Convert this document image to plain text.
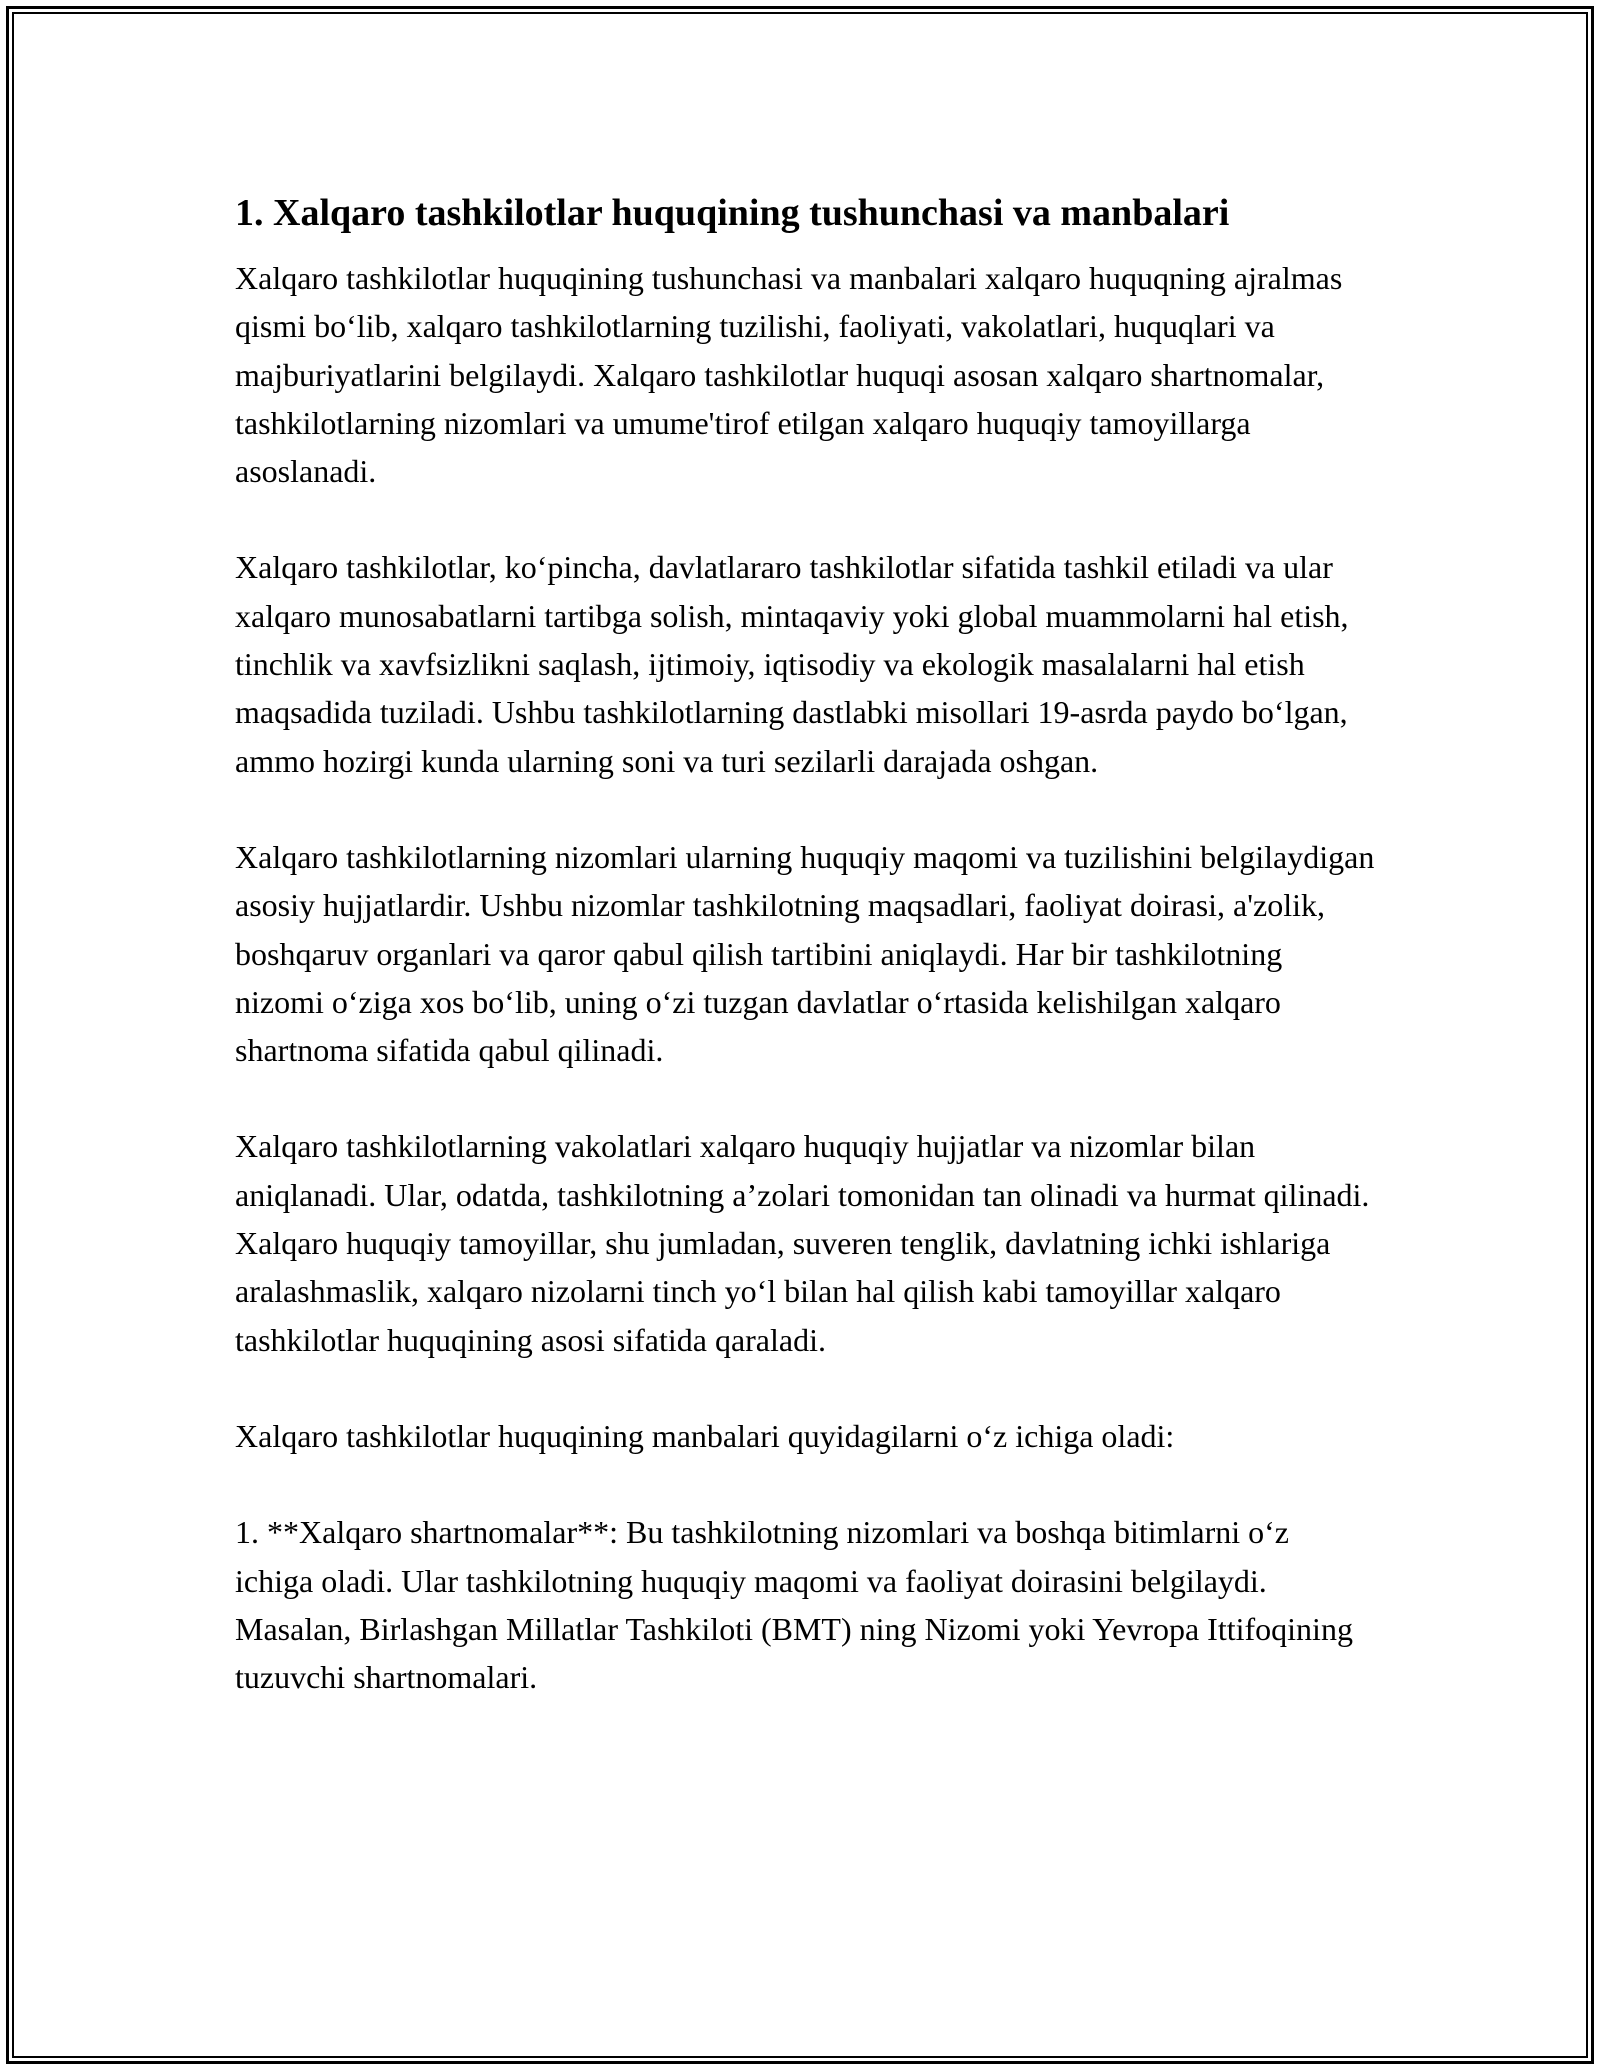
1. Xalqaro tashkilotlar huquqining tushunchasi va manbalari

Xalqaro tashkilotlar huquqining tushunchasi va manbalari xalqaro huquqning ajralmas qismi bo‘lib, xalqaro tashkilotlarning tuzilishi, faoliyati, vakolatlari, huquqlari va majburiyatlarini belgilaydi. Xalqaro tashkilotlar huquqi asosan xalqaro shartnomalar, tashkilotlarning nizomlari va umume'tirof etilgan xalqaro huquqiy tamoyillarga asoslanadi.

Xalqaro tashkilotlar, ko‘pincha, davlatlararo tashkilotlar sifatida tashkil etiladi va ular xalqaro munosabatlarni tartibga solish, mintaqaviy yoki global muammolarni hal etish, tinchlik va xavfsizlikni saqlash, ijtimoiy, iqtisodiy va ekologik masalalarni hal etish maqsadida tuziladi. Ushbu tashkilotlarning dastlabki misollari 19-asrda paydo bo‘lgan, ammo hozirgi kunda ularning soni va turi sezilarli darajada oshgan.

Xalqaro tashkilotlarning nizomlari ularning huquqiy maqomi va tuzilishini belgilaydigan asosiy hujjatlardir. Ushbu nizomlar tashkilotning maqsadlari, faoliyat doirasi, a'zolik, boshqaruv organlari va qaror qabul qilish tartibini aniqlaydi. Har bir tashkilotning nizomi o‘ziga xos bo‘lib, uning o‘zi tuzgan davlatlar o‘rtasida kelishilgan xalqaro shartnoma sifatida qabul qilinadi.

Xalqaro tashkilotlarning vakolatlari xalqaro huquqiy hujjatlar va nizomlar bilan aniqlanadi. Ular, odatda, tashkilotning a’zolari tomonidan tan olinadi va hurmat qilinadi. Xalqaro huquqiy tamoyillar, shu jumladan, suveren tenglik, davlatning ichki ishlariga aralashmaslik, xalqaro nizolarni tinch yo‘l bilan hal qilish kabi tamoyillar xalqaro tashkilotlar huquqining asosi sifatida qaraladi.

Xalqaro tashkilotlar huquqining manbalari quyidagilarni o‘z ichiga oladi:

1. **Xalqaro shartnomalar**: Bu tashkilotning nizomlari va boshqa bitimlarni o‘z ichiga oladi. Ular tashkilotning huquqiy maqomi va faoliyat doirasini belgilaydi. Masalan, Birlashgan Millatlar Tashkiloti (BMT) ning Nizomi yoki Yevropa Ittifoqining tuzuvchi shartnomalari.
